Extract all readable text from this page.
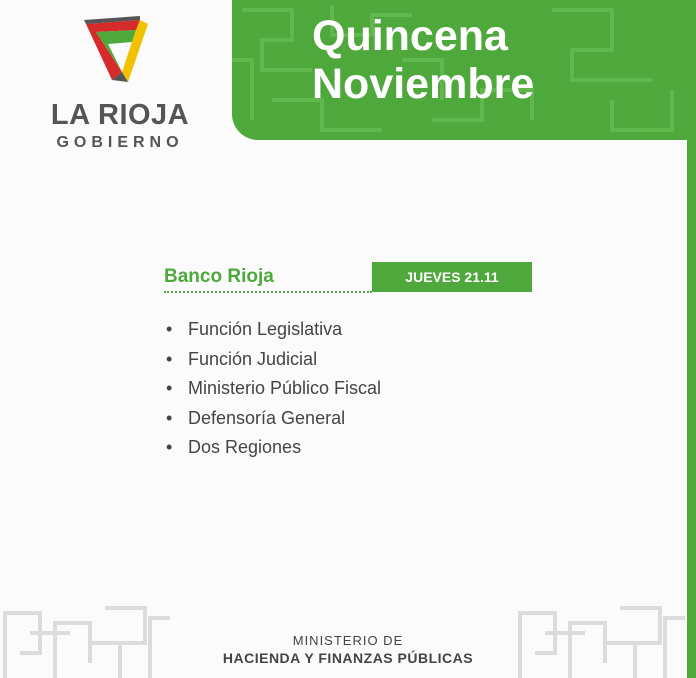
LA RIOJA
GOBIERNO
Quincena
Noviembre
Banco Rioja	JUEVES 21.11
• Función Legislativa
• Función Judicial
• Ministerio Público Fiscal
• Defensoría General
• Dos Regiones
MINISTERIO DE
HACIENDA Y FINANZAS PÚBLICAS
